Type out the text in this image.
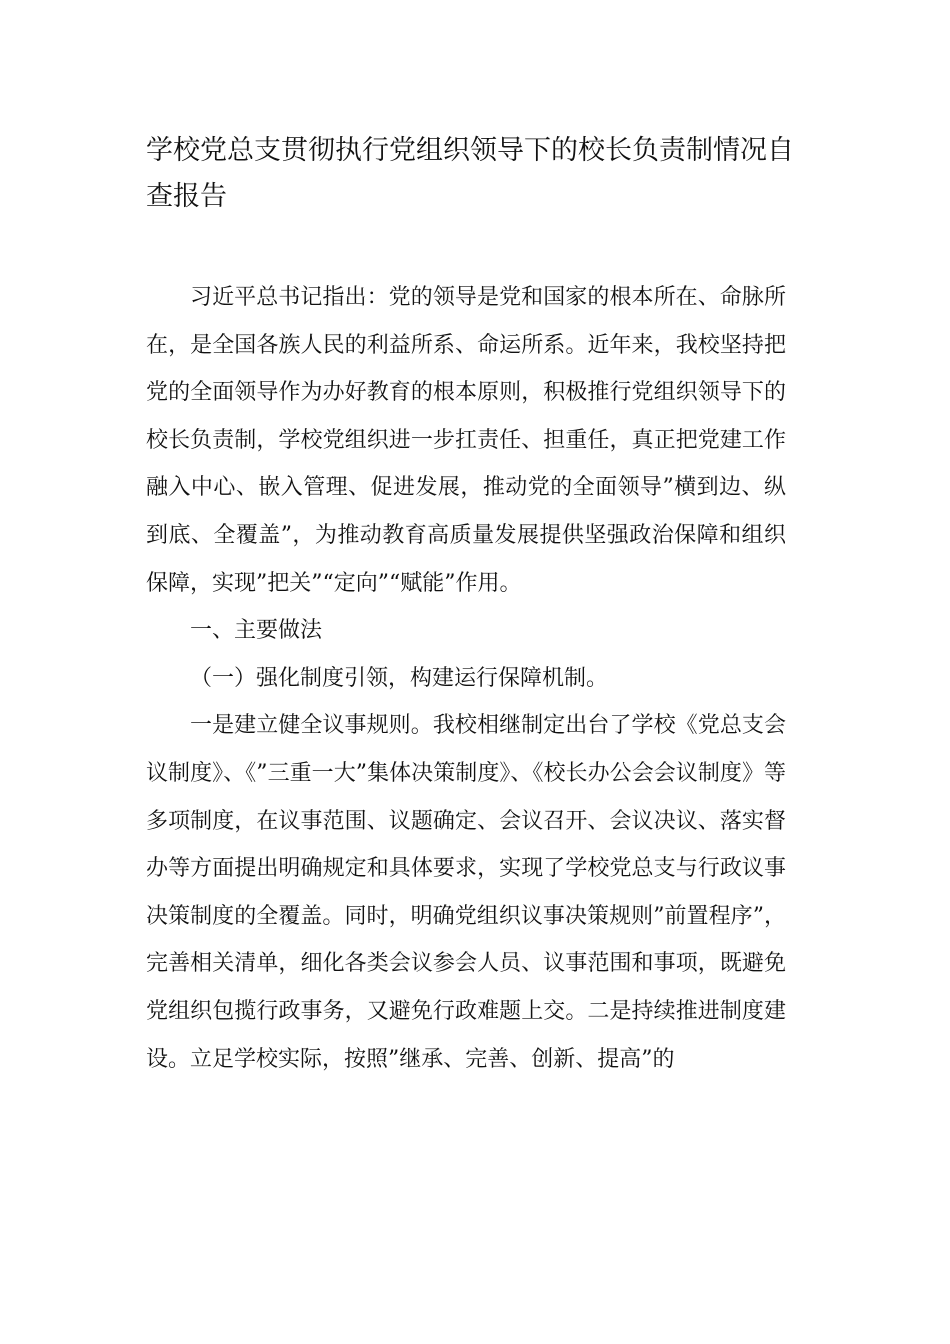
学校党总支贯彻执行党组织领导下的校长负责制情况自查报告

习近平总书记指出：党的领导是党和国家的根本所在、命脉所在，是全国各族人民的利益所系、命运所系。近年来，我校坚持把党的全面领导作为办好教育的根本原则，积极推行党组织领导下的校长负责制，学校党组织进一步扛责任、担重任，真正把党建工作融入中心、嵌入管理、促进发展，推动党的全面领导”横到边、纵到底、全覆盖”，为推动教育高质量发展提供坚强政治保障和组织保障，实现”把关”“定向”“赋能”作用。

一、主要做法

（一）强化制度引领，构建运行保障机制。

一是建立健全议事规则。我校相继制定出台了学校《党总支会议制度》、《”三重一大”集体决策制度》、《校长办公会会议制度》等多项制度，在议事范围、议题确定、会议召开、会议决议、落实督办等方面提出明确规定和具体要求，实现了学校党总支与行政议事决策制度的全覆盖。同时，明确党组织议事决策规则”前置程序”，完善相关清单，细化各类会议参会人员、议事范围和事项，既避免党组织包揽行政事务，又避免行政难题上交。二是持续推进制度建设。立足学校实际，按照”继承、完善、创新、提高”的
